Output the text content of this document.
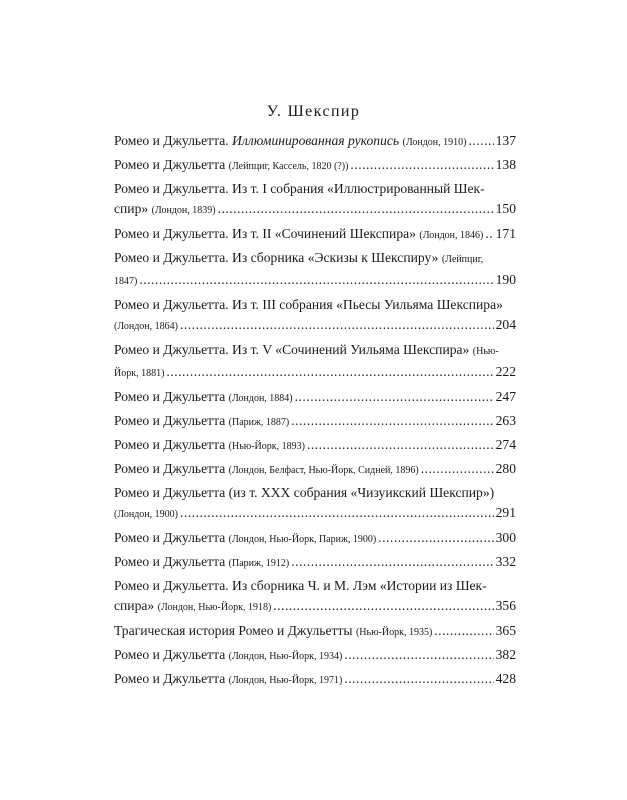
У. Шекспир
Ромео и Джульетта. Иллюминированная рукопись (Лондон, 1910) ..... 137
Ромео и Джульетта (Лейпциг, Кассель, 1820 (?)) .....	138
Ромео и Джульетта. Из т. I собрания «Иллюстрированный Шек-
спир» (Лондон, 1839) .....	150
Ромео и Джульетта. Из т. II «Сочинений Шекспира» (Лондон, 1846) ..... 171
Ромео и Джульетта. Из сборника «Эскизы к Шекспиру» (Лейпциг,
1847) .....	190
Ромео и Джульетта. Из т. III собрания «Пьесы Уильяма Шекспира»
(Лондон, 1864) .....	204
Ромео и Джульетта. Из т. V «Сочинений Уильяма Шекспира» (Нью-
Йорк, 1881) .....	222
Ромео и Джульетта (Лондон, 1884) .....	247
Ромео и Джульетта (Париж, 1887) .....	263
Ромео и Джульетта (Нью-Йорк, 1893) .....	274
Ромео и Джульетта (Лондон, Белфаст, Нью-Йорк, Сидней, 1896) .....	280
Ромео и Джульетта (из т. XXX собрания «Чизуикский Шекспир»)
(Лондон, 1900) .....	291
Ромео и Джульетта (Лондон, Нью-Йорк, Париж, 1900) .....	300
Ромео и Джульетта (Париж, 1912) .....	332
Ромео и Джульетта. Из сборника Ч. и М. Лэм «Истории из Шек-
спира» (Лондон, Нью-Йорк, 1918) .....	356
Трагическая история Ромео и Джульетты (Нью-Йорк, 1935) .....	365
Ромео и Джульетта (Лондон, Нью-Йорк, 1934) .....	382
Ромео и Джульетта (Лондон, Нью-Йорк, 1971) .....	428
